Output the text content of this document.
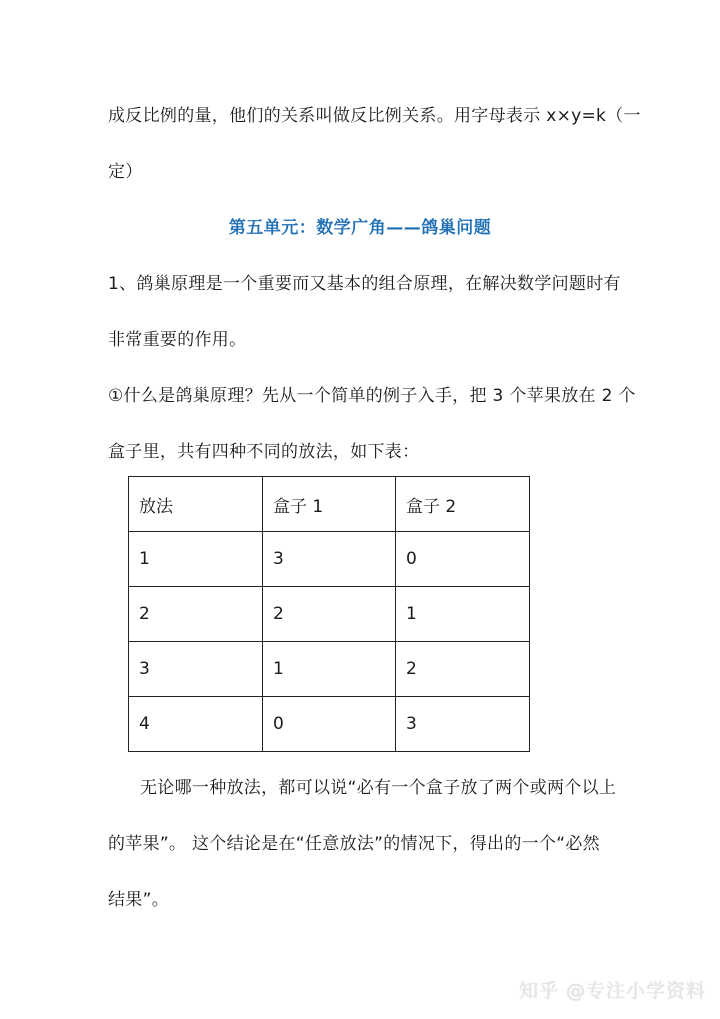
成反比例的量，他们的关系叫做反比例关系。用字母表示 x×y=k（一
定）
第五单元：数学广角——鸽巢问题
1、鸽巢原理是一个重要而又基本的组合原理，在解决数学问题时有
非常重要的作用。
①什么是鸽巢原理？先从一个简单的例子入手，把 3 个苹果放在 2 个
盒子里，共有四种不同的放法，如下表：
放法	盒子 1	盒子 2
1	3	0
2	2	1
3	1	2
4	0	3
无论哪一种放法，都可以说“必有一个盒子放了两个或两个以上
的苹果”。 这个结论是在“任意放法”的情况下，得出的一个“必然
结果”。
知乎 @专注小学资料
